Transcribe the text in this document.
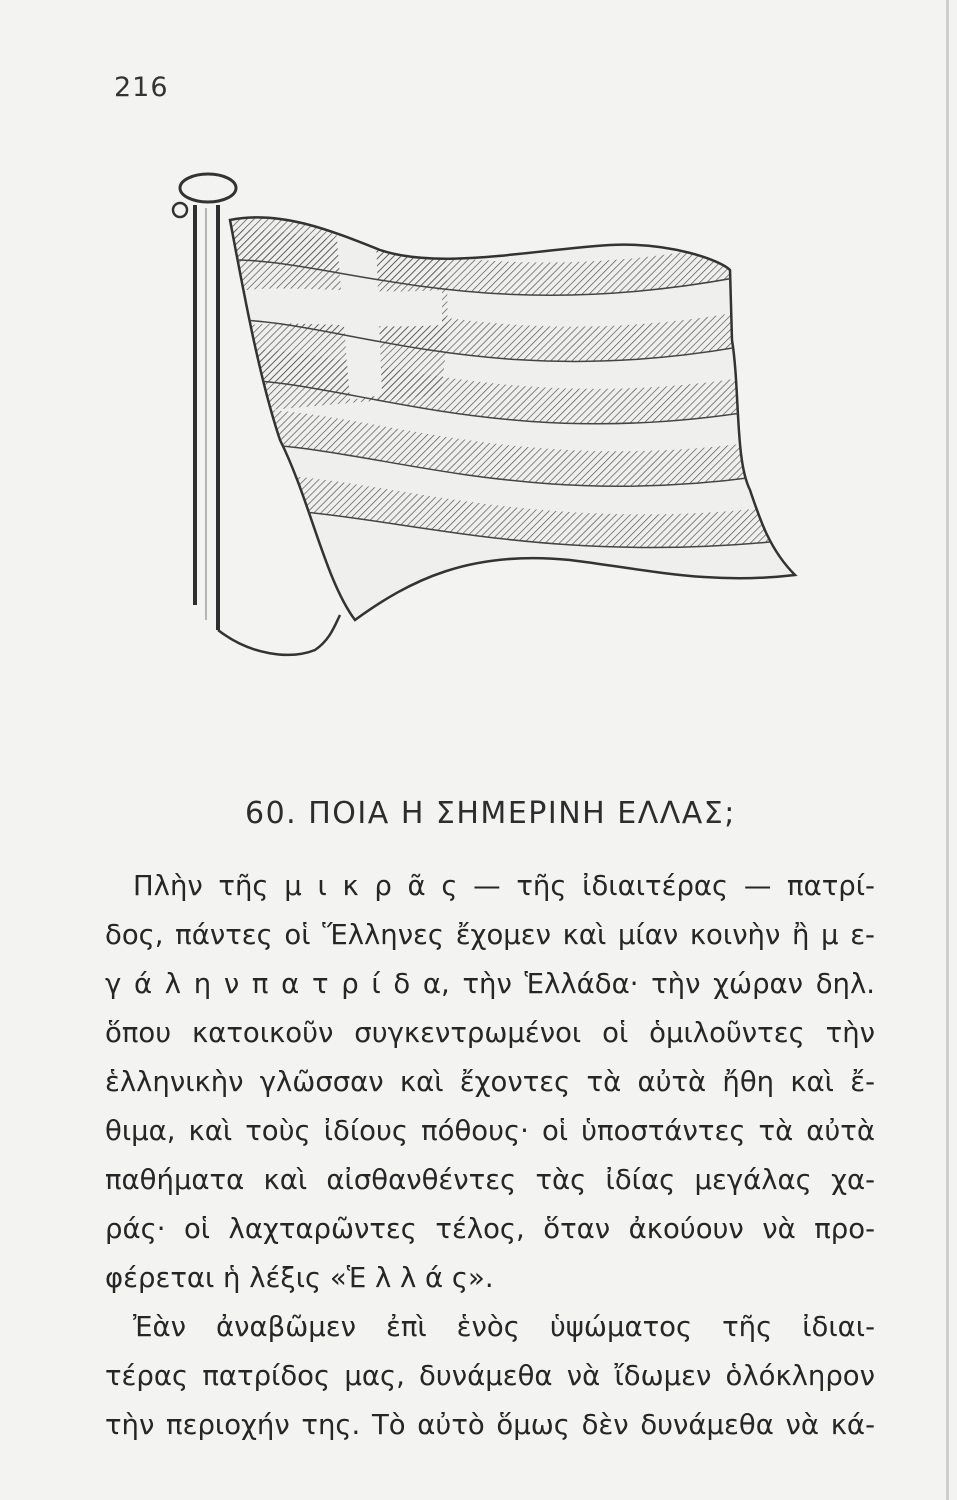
216
60. ΠΟΙΑ Η ΣΗΜΕΡΙΝΗ ΕΛΛΑΣ;
Πλὴν τῆς μ ι κ ρ ᾶ ς — τῆς ἰδιαιτέρας — πατρί-
δος, πάντες οἱ Ἕλληνες ἔχομεν καὶ μίαν κοινὴν ἢ μ ε-
γ ά λ η ν π α τ ρ ί δ α, τὴν Ἑλλάδα· τὴν χώραν δηλ.
ὅπου κατοικοῦν συγκεντρωμένοι οἱ ὁμιλοῦντες τὴν
ἑλληνικὴν γλῶσσαν καὶ ἔχοντες τὰ αὐτὰ ἤθη καὶ ἔ-
θιμα, καὶ τοὺς ἰδίους πόθους· οἱ ὑποστάντες τὰ αὐτὰ
παθήματα καὶ αἰσθανθέντες τὰς ἰδίας μεγάλας χα-
ράς· οἱ λαχταρῶντες τέλος, ὅταν ἀκούουν νὰ προ-
φέρεται ἡ λέξις «Ἑ λ λ ά ς».
Ἐὰν ἀναβῶμεν ἐπὶ ἑνὸς ὑψώματος τῆς ἰδιαι-
τέρας πατρίδος μας, δυνάμεθα νὰ ἴδωμεν ὁλόκληρον
τὴν περιοχήν της. Τὸ αὐτὸ ὅμως δὲν δυνάμεθα νὰ κά-
